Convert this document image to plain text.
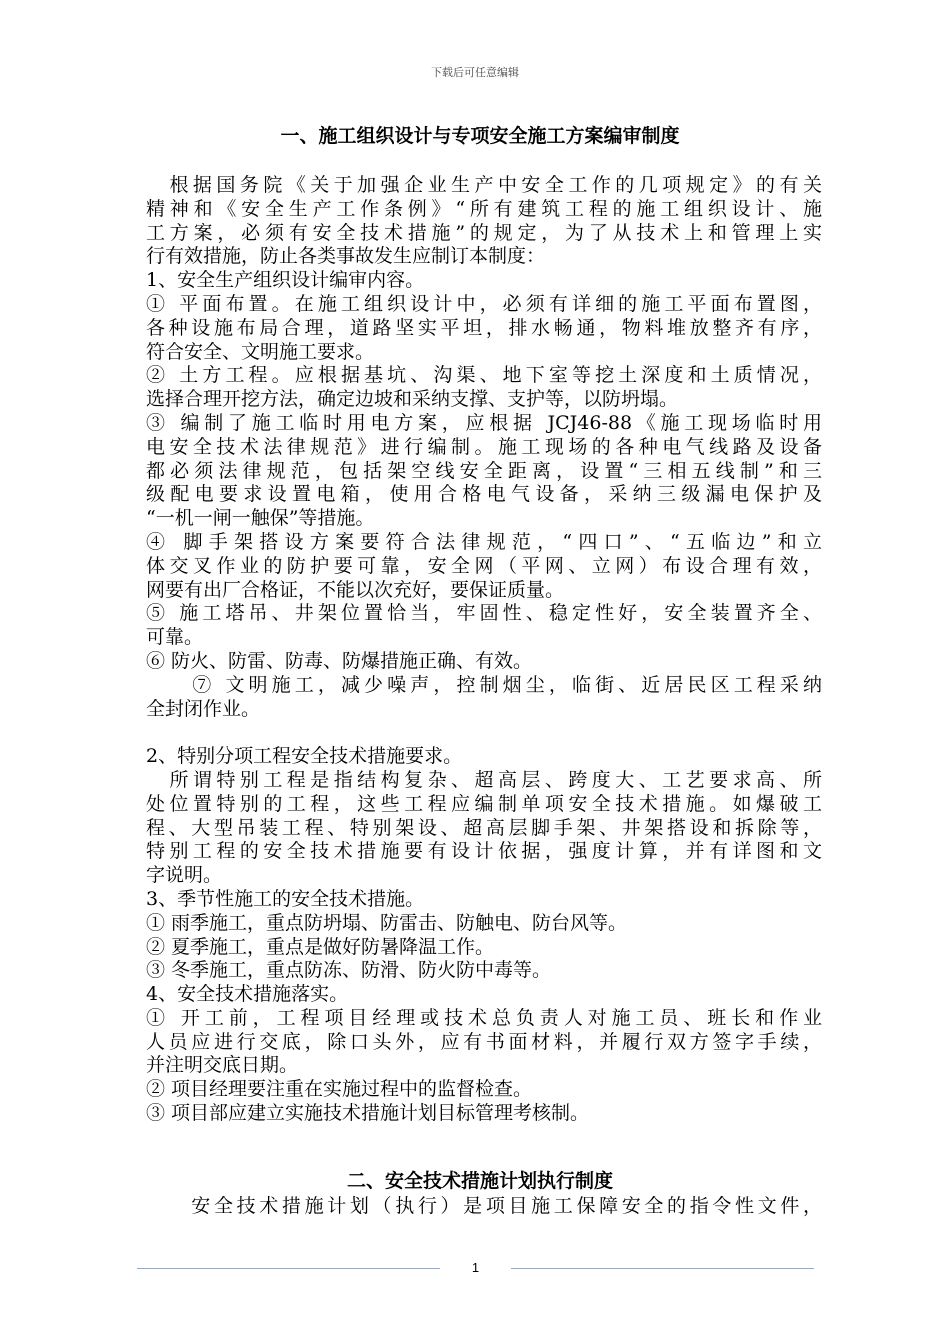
下载后可任意编辑
一、施工组织设计与专项安全施工方案编审制度
　根据国务院《关于加强企业生产中安全工作的几项规定》的有关
精神和《安全生产工作条例》“所有建筑工程的施工组织设计、施
工方案，必须有安全技术措施”的规定，为了从技术上和管理上实
行有效措施，防止各类事故发生应制订本制度：
1、安全生产组织设计编审内容。
① 平面布置。在施工组织设计中，必须有详细的施工平面布置图，
各种设施布局合理，道路坚实平坦，排水畅通，物料堆放整齐有序，
符合安全、文明施工要求。
② 土方工程。应根据基坑、沟渠、地下室等挖土深度和土质情况，
选择合理开挖方法，确定边坡和采纳支撑、支护等，以防坍塌。
③ 编制了施工临时用电方案，应根据 JCJ46-88《施工现场临时用
电安全技术法律规范》进行编制。施工现场的各种电气线路及设备
都必须法律规范，包括架空线安全距离，设置“三相五线制”和三
级配电要求设置电箱，使用合格电气设备，采纳三级漏电保护及
“一机一闸一触保”等措施。
④ 脚手架搭设方案要符合法律规范，“四口”、“五临边”和立
体交叉作业的防护要可靠，安全网（平网、立网）布设合理有效，
网要有出厂合格证，不能以次充好，要保证质量。
⑤ 施工塔吊、井架位置恰当，牢固性、稳定性好，安全装置齐全、
可靠。
⑥ 防火、防雷、防毒、防爆措施正确、有效。
　　⑦ 文明施工，减少噪声，控制烟尘，临街、近居民区工程采纳
全封闭作业。
2、特别分项工程安全技术措施要求。
　所谓特别工程是指结构复杂、超高层、跨度大、工艺要求高、所
处位置特别的工程，这些工程应编制单项安全技术措施。如爆破工
程、大型吊装工程、特别架设、超高层脚手架、井架搭设和拆除等，
特别工程的安全技术措施要有设计依据，强度计算，并有详图和文
字说明。
3、季节性施工的安全技术措施。
① 雨季施工，重点防坍塌、防雷击、防触电、防台风等。
② 夏季施工，重点是做好防暑降温工作。
③ 冬季施工，重点防冻、防滑、防火防中毒等。
4、安全技术措施落实。
① 开工前，工程项目经理或技术总负责人对施工员、班长和作业
人员应进行交底，除口头外，应有书面材料，并履行双方签字手续，
并注明交底日期。
② 项目经理要注重在实施过程中的监督检查。
③ 项目部应建立实施技术措施计划目标管理考核制。
二、安全技术措施计划执行制度
　　安全技术措施计划（执行）是项目施工保障安全的指令性文件，
1
